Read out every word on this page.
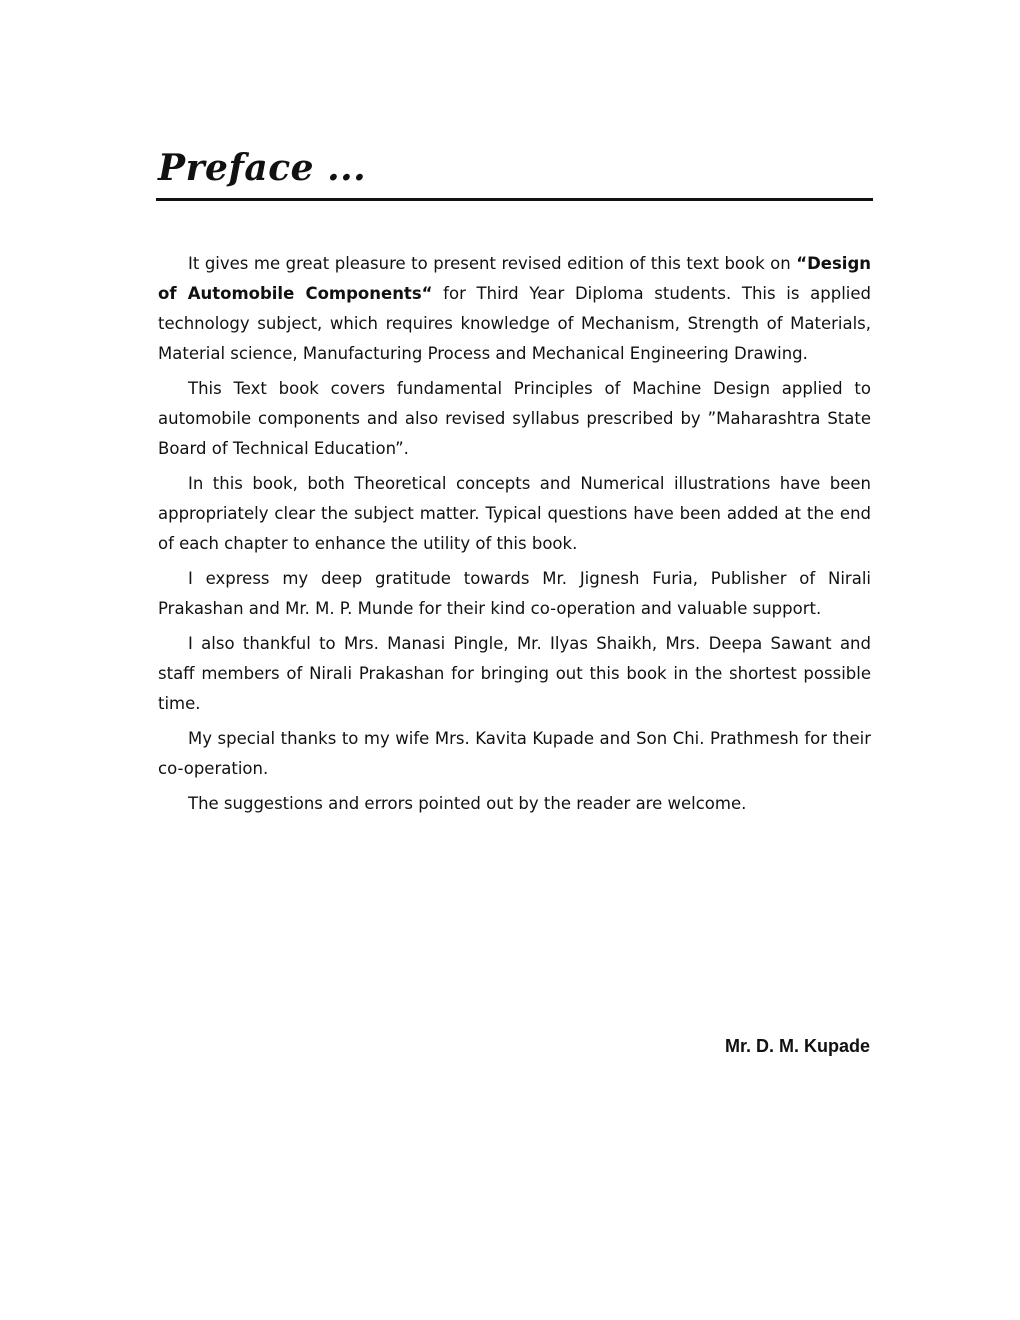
Preface ...

It gives me great pleasure to present revised edition of this text book on “Design of Automobile Components“ for Third Year Diploma students. This is applied technology subject, which requires knowledge of Mechanism, Strength of Materials, Material science, Manufacturing Process and Mechanical Engineering Drawing.

This Text book covers fundamental Principles of Machine Design applied to automobile components and also revised syllabus prescribed by ”Maharashtra State Board of Technical Education”.

In this book, both Theoretical concepts and Numerical illustrations have been appropriately clear the subject matter. Typical questions have been added at the end of each chapter to enhance the utility of this book.

I express my deep gratitude towards Mr. Jignesh Furia, Publisher of Nirali Prakashan and Mr. M. P. Munde for their kind co-operation and valuable support.

I also thankful to Mrs. Manasi Pingle, Mr. Ilyas Shaikh, Mrs. Deepa Sawant and staff members of Nirali Prakashan for bringing out this book in the shortest possible time.

My special thanks to my wife Mrs. Kavita Kupade and Son Chi. Prathmesh for their co-operation.

The suggestions and errors pointed out by the reader are welcome.

Mr. D. M. Kupade
